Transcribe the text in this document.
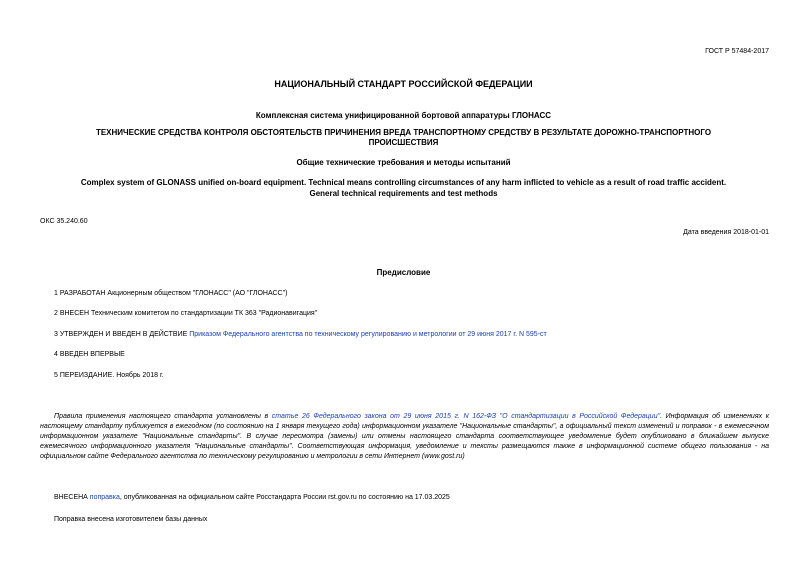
ГОСТ Р 57484-2017
НАЦИОНАЛЬНЫЙ СТАНДАРТ РОССИЙСКОЙ ФЕДЕРАЦИИ
Комплексная система унифицированной бортовой аппаратуры ГЛОНАСС
ТЕХНИЧЕСКИЕ СРЕДСТВА КОНТРОЛЯ ОБСТОЯТЕЛЬСТВ ПРИЧИНЕНИЯ ВРЕДА ТРАНСПОРТНОМУ СРЕДСТВУ В РЕЗУЛЬТАТЕ ДОРОЖНО-ТРАНСПОРТНОГО
ПРОИСШЕСТВИЯ
Общие технические требования и методы испытаний
Complex system of GLONASS unified on-board equipment. Technical means controlling circumstances of any harm inflicted to vehicle as a result of road traffic accident.
General technical requirements and test methods
ОКС 35.240.60
Дата введения 2018-01-01
Предисловие
1 РАЗРАБОТАН Акционерным обществом "ГЛОНАСС" (АО "ГЛОНАСС")
2 ВНЕСЕН Техническим комитетом по стандартизации ТК 363 "Радионавигация"
3 УТВЕРЖДЕН И ВВЕДЕН В ДЕЙСТВИЕ Приказом Федерального агентства по техническому регулированию и метрологии от 29 июня 2017 г. N 595-ст
4 ВВЕДЕН ВПЕРВЫЕ
5 ПЕРЕИЗДАНИЕ. Ноябрь 2018 г.
Правила применения настоящего стандарта установлены в статье 26 Федерального закона от 29 июня 2015 г. N 162-ФЗ "О стандартизации в Российской Федерации". Информация об изменениях к настоящему стандарту публикуется в ежегодном (по состоянию на 1 января текущего года) информационном указателе "Национальные стандарты", а официальный текст изменений и поправок - в ежемесячном информационном указателе "Национальные стандарты". В случае пересмотра (замены) или отмены настоящего стандарта соответствующее уведомление будет опубликовано в ближайшем выпуске ежемесячного информационного указателя "Национальные стандарты". Соответствующая информация, уведомление и тексты размещаются также в информационной системе общего пользования - на официальном сайте Федерального агентства по техническому регулированию и метрологии в сети Интернет (www.gost.ru)
ВНЕСЕНА поправка, опубликованная на официальном сайте Росстандарта России rst.gov.ru по состоянию на 17.03.2025
Поправка внесена изготовителем базы данных
